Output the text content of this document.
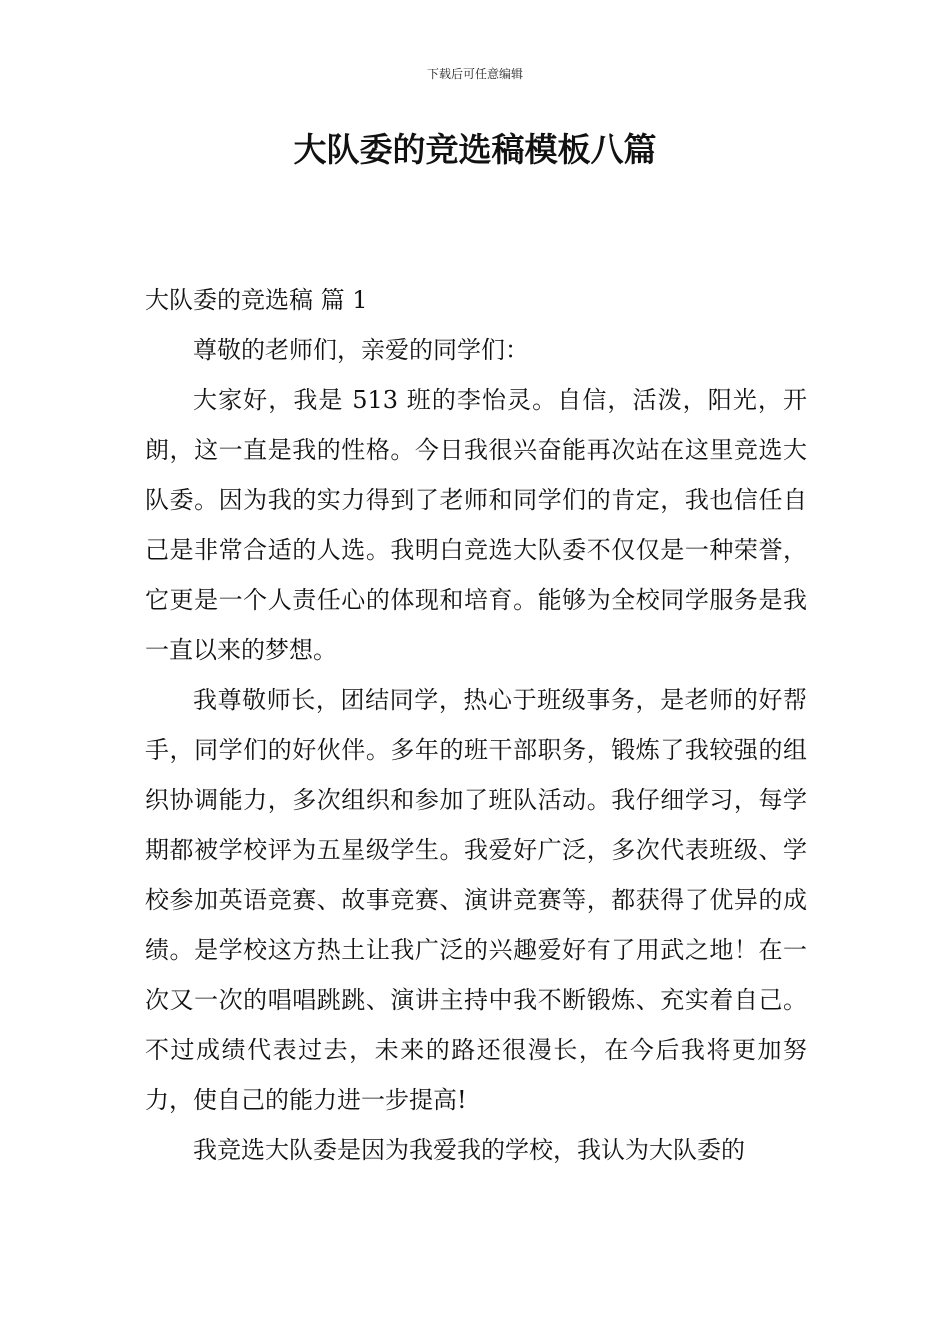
下载后可任意编辑
大队委的竞选稿模板八篇
大队委的竞选稿 篇 1

尊敬的老师们，亲爱的同学们：

大家好，我是 513 班的李怡灵。自信，活泼，阳光，开朗，这一直是我的性格。今日我很兴奋能再次站在这里竞选大队委。因为我的实力得到了老师和同学们的肯定，我也信任自己是非常合适的人选。我明白竞选大队委不仅仅是一种荣誉，它更是一个人责任心的体现和培育。能够为全校同学服务是我一直以来的梦想。

我尊敬师长，团结同学，热心于班级事务，是老师的好帮手，同学们的好伙伴。多年的班干部职务，锻炼了我较强的组织协调能力，多次组织和参加了班队活动。我仔细学习，每学期都被学校评为五星级学生。我爱好广泛，多次代表班级、学校参加英语竞赛、故事竞赛、演讲竞赛等，都获得了优异的成绩。是学校这方热土让我广泛的兴趣爱好有了用武之地！在一次又一次的唱唱跳跳、演讲主持中我不断锻炼、充实着自己。不过成绩代表过去，未来的路还很漫长，在今后我将更加努力，使自己的能力进一步提高!

我竞选大队委是因为我爱我的学校，我认为大队委的
